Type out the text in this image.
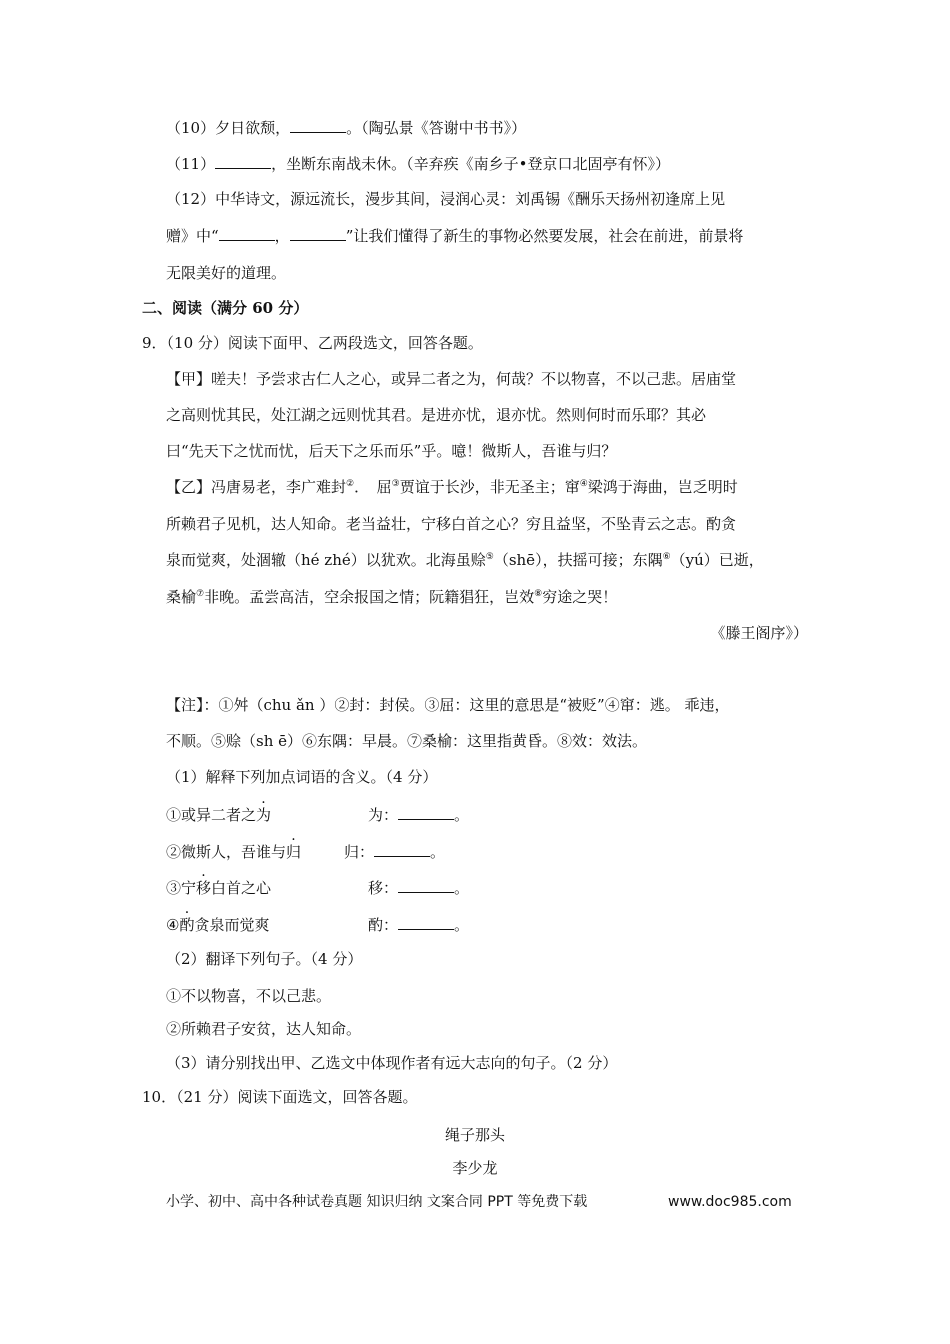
（10）夕日欲颓，	。（陶弘景《答谢中书书》）
（11）	，坐断东南战未休。（辛弃疾《南乡子•登京口北固亭有怀》）
（12）中华诗文，源远流长，漫步其间，浸润心灵：刘禹锡《酬乐天扬州初逢席上见
赠》中“	，	”让我们懂得了新生的事物必然要发展，社会在前进，前景将
无限美好的道理。
二、阅读（满分 60 分）
9．（10 分）阅读下面甲、乙两段选文，回答各题。
【甲】嗟夫！予尝求古仁人之心，或异二者之为，何哉？不以物喜，不以己悲。居庙堂
之高则忧其民，处江湖之远则忧其君。是进亦忧，退亦忧。然则何时而乐耶？其必
曰“先天下之忧而忧，后天下之乐而乐”乎。噫！微斯人，吾谁与归？
【乙】冯唐易老，李广难封②．　屈③贾谊于长沙，非无圣主；窜④梁鸿于海曲，岂乏明时
所赖君子见机，达人知命。老当益壮，宁移白首之心？穷且益坚，不坠青云之志。酌贪
泉而觉爽，处涸辙（hé zhé）以犹欢。北海虽赊⑤（shē），扶摇可接；东隅⑥（yú）已逝，
桑榆⑦非晚。孟尝高洁，空余报国之情；阮籍猖狂，岂效⑧穷途之哭！
《滕王阁序》）
【注】：①舛（chu ǎn ）②封：封侯。③屈：这里的意思是“被贬”④窜：逃。 乖违，
不顺。⑤赊（sh ē）⑥东隅：早晨。⑦桑榆：这里指黄昏。⑧效：效法。
（1）解释下列加点词语的含义。（4 分）
①或异二者之为	为：	。
②微斯人，吾谁与归	归：	。
③宁移白首之心	移：	。
④酌贪泉而觉爽	酌：	。
（2）翻译下列句子。（4 分）
①不以物喜，不以己悲。
②所赖君子安贫，达人知命。
（3）请分别找出甲、乙选文中体现作者有远大志向的句子。（2 分）
10．（21 分）阅读下面选文，回答各题。
绳子那头
李少龙
小学、初中、高中各种试卷真题 知识归纳 文案合同 PPT 等免费下载	www.doc985.com
